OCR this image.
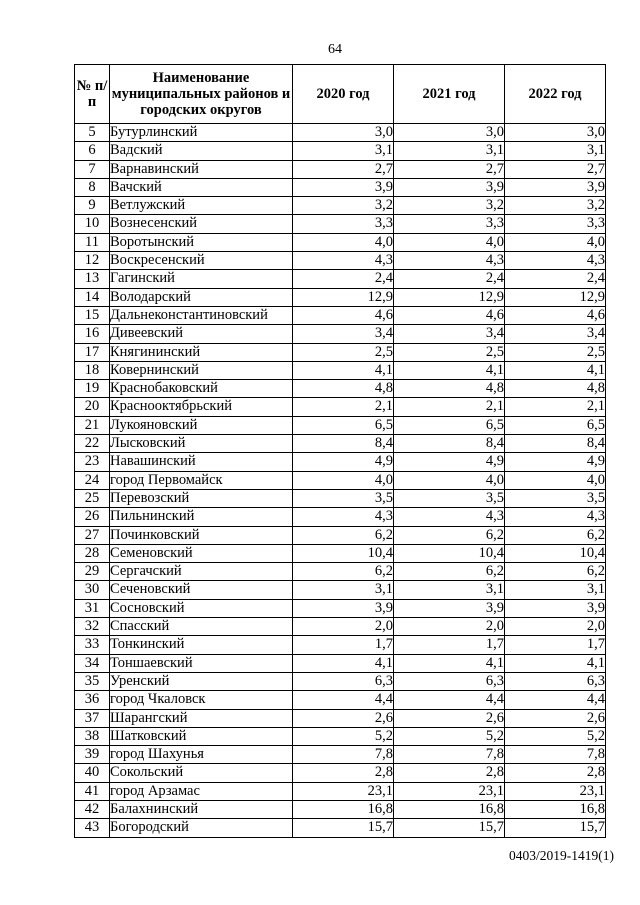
64
№ п/п	Наименование муниципальных районов и городских округов	2020 год	2021 год	2022 год
5	Бутурлинский	3,0	3,0	3,0
6	Вадский	3,1	3,1	3,1
7	Варнавинский	2,7	2,7	2,7
8	Вачский	3,9	3,9	3,9
9	Ветлужский	3,2	3,2	3,2
10	Вознесенский	3,3	3,3	3,3
11	Воротынский	4,0	4,0	4,0
12	Воскресенский	4,3	4,3	4,3
13	Гагинский	2,4	2,4	2,4
14	Володарский	12,9	12,9	12,9
15	Дальнеконстантиновский	4,6	4,6	4,6
16	Дивеевский	3,4	3,4	3,4
17	Княгининский	2,5	2,5	2,5
18	Ковернинский	4,1	4,1	4,1
19	Краснобаковский	4,8	4,8	4,8
20	Краснооктябрьский	2,1	2,1	2,1
21	Лукояновский	6,5	6,5	6,5
22	Лысковский	8,4	8,4	8,4
23	Навашинский	4,9	4,9	4,9
24	город Первомайск	4,0	4,0	4,0
25	Перевозский	3,5	3,5	3,5
26	Пильнинский	4,3	4,3	4,3
27	Починковский	6,2	6,2	6,2
28	Семеновский	10,4	10,4	10,4
29	Сергачский	6,2	6,2	6,2
30	Сеченовский	3,1	3,1	3,1
31	Сосновский	3,9	3,9	3,9
32	Спасский	2,0	2,0	2,0
33	Тонкинский	1,7	1,7	1,7
34	Тоншаевский	4,1	4,1	4,1
35	Уренский	6,3	6,3	6,3
36	город Чкаловск	4,4	4,4	4,4
37	Шарангский	2,6	2,6	2,6
38	Шатковский	5,2	5,2	5,2
39	город Шахунья	7,8	7,8	7,8
40	Сокольский	2,8	2,8	2,8
41	город Арзамас	23,1	23,1	23,1
42	Балахнинский	16,8	16,8	16,8
43	Богородский	15,7	15,7	15,7
0403/2019-1419(1)
